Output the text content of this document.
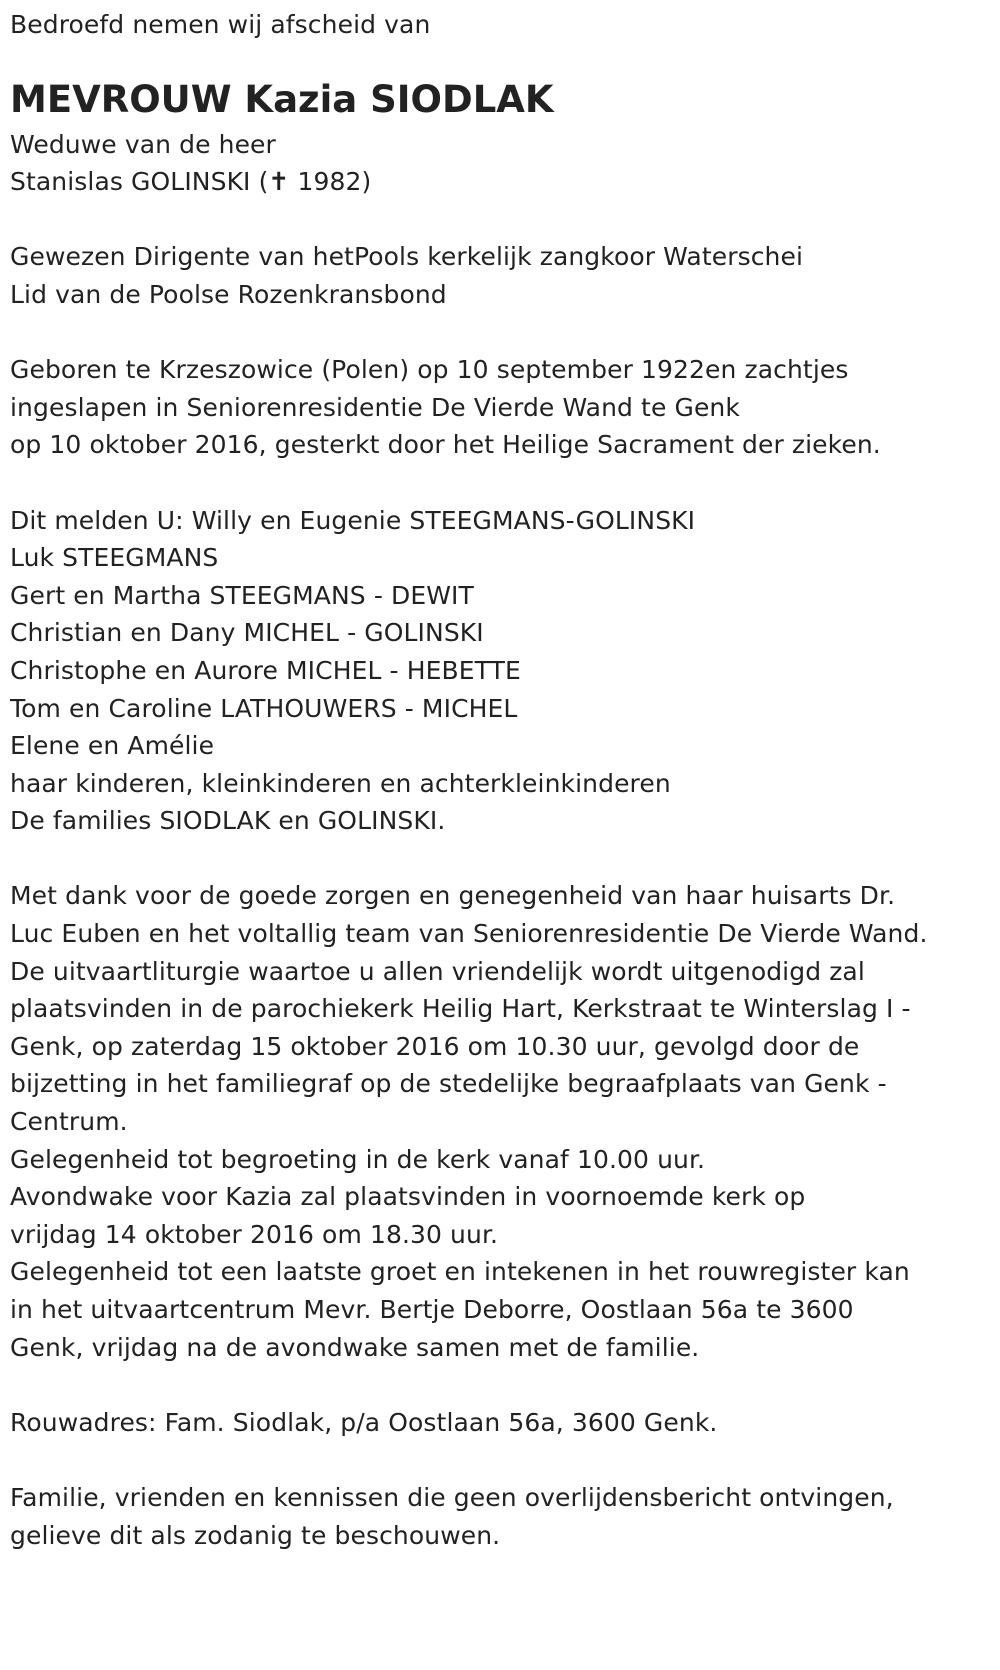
Bedroefd nemen wij afscheid van
MEVROUW Kazia SIODLAK
Weduwe van de heer
Stanislas GOLINSKI (✝ 1982)
Gewezen Dirigente van hetPools kerkelijk zangkoor Waterschei
Lid van de Poolse Rozenkransbond
Geboren te Krzeszowice (Polen) op 10 september 1922en zachtjes
ingeslapen in Seniorenresidentie De Vierde Wand te Genk
op 10 oktober 2016, gesterkt door het Heilige Sacrament der zieken.
Dit melden U: Willy en Eugenie STEEGMANS-GOLINSKI
Luk STEEGMANS
Gert en Martha STEEGMANS - DEWIT
Christian en Dany MICHEL - GOLINSKI
Christophe en Aurore MICHEL - HEBETTE
Tom en Caroline LATHOUWERS - MICHEL
Elene en Amélie
haar kinderen, kleinkinderen en achterkleinkinderen
De families SIODLAK en GOLINSKI.
Met dank voor de goede zorgen en genegenheid van haar huisarts Dr.
Luc Euben en het voltallig team van Seniorenresidentie De Vierde Wand.
De uitvaartliturgie waartoe u allen vriendelijk wordt uitgenodigd zal
plaatsvinden in de parochiekerk Heilig Hart, Kerkstraat te Winterslag I -
Genk, op zaterdag 15 oktober 2016 om 10.30 uur, gevolgd door de
bijzetting in het familiegraf op de stedelijke begraafplaats van Genk -
Centrum.
Gelegenheid tot begroeting in de kerk vanaf 10.00 uur.
Avondwake voor Kazia zal plaatsvinden in voornoemde kerk op
vrijdag 14 oktober 2016 om 18.30 uur.
Gelegenheid tot een laatste groet en intekenen in het rouwregister kan
in het uitvaartcentrum Mevr. Bertje Deborre, Oostlaan 56a te 3600
Genk, vrijdag na de avondwake samen met de familie.
Rouwadres: Fam. Siodlak, p/a Oostlaan 56a, 3600 Genk.
Familie, vrienden en kennissen die geen overlijdensbericht ontvingen,
gelieve dit als zodanig te beschouwen.
